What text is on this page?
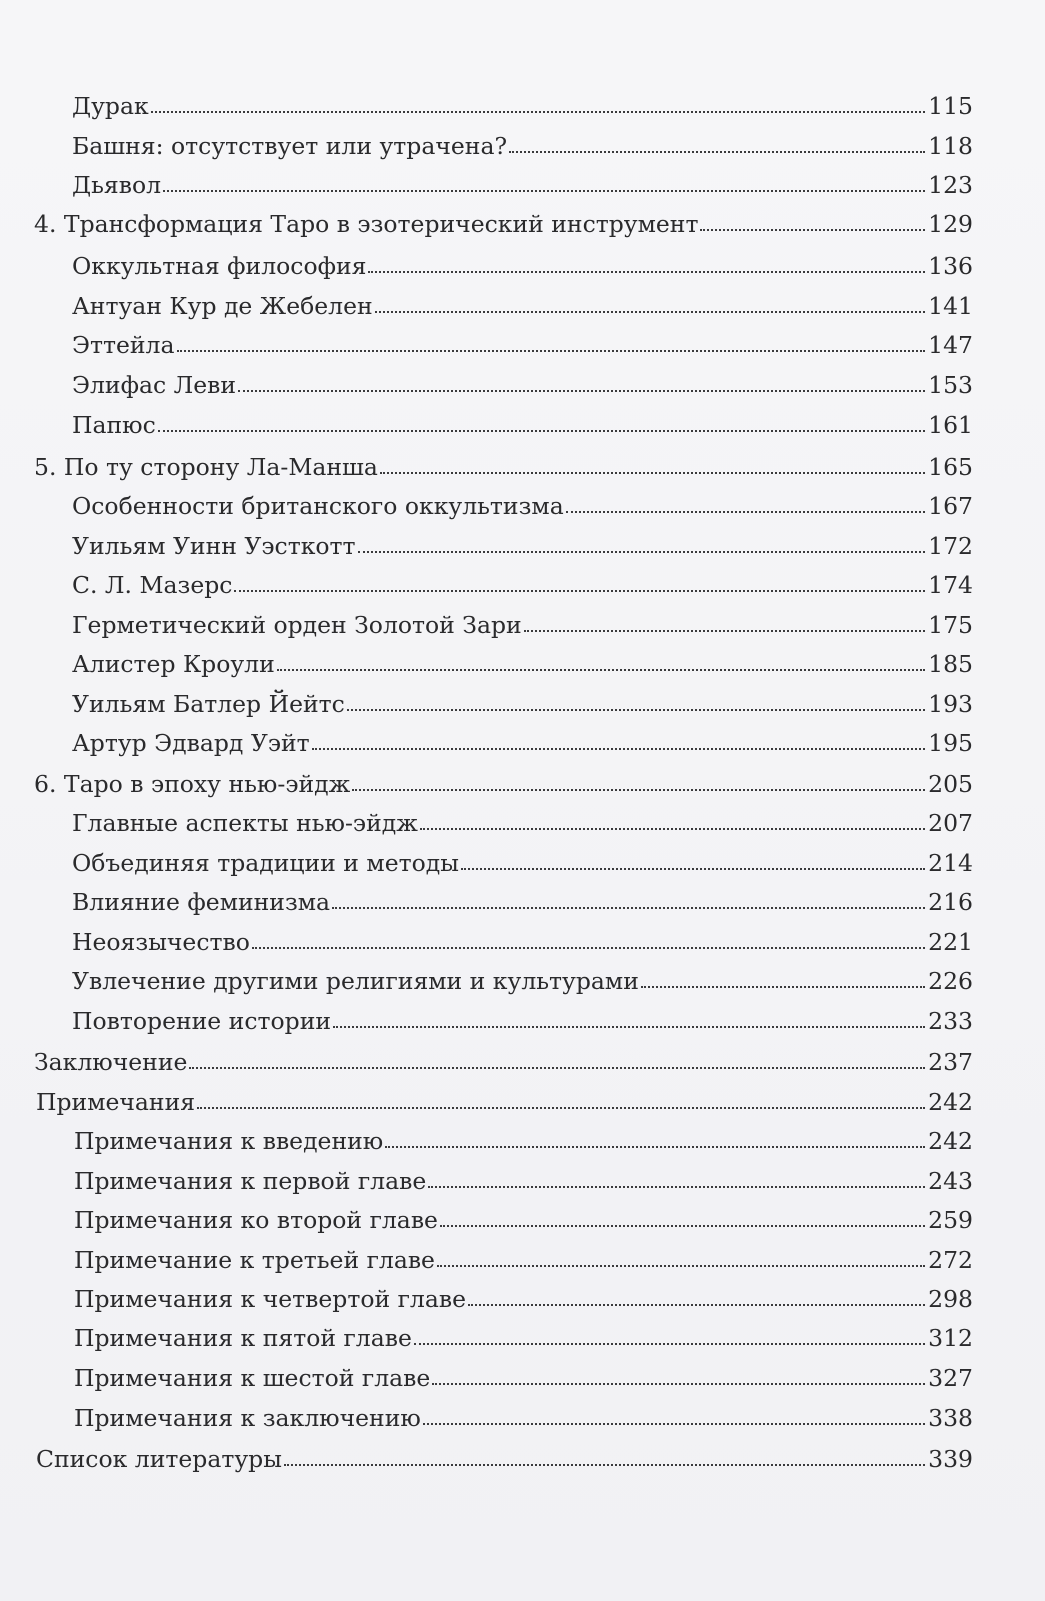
Дурак	115
Башня: отсутствует или утрачена?	118
Дьявол	123
4. Трансформация Таро в эзотерический инструмент	129
Оккультная философия	136
Антуан Кур де Жебелен	141
Эттейла	147
Элифас Леви	153
Папюс	161
5. По ту сторону Ла-Манша	165
Особенности британского оккультизма	167
Уильям Уинн Уэсткотт	172
С. Л. Мазерс	174
Герметический орден Золотой Зари	175
Алистер Кроули	185
Уильям Батлер Йейтс	193
Артур Эдвард Уэйт	195
6. Таро в эпоху нью-эйдж	205
Главные аспекты нью-эйдж	207
Объединяя традиции и методы	214
Влияние феминизма	216
Неоязычество	221
Увлечение другими религиями и культурами	226
Повторение истории	233
Заключение	237
Примечания	242
Примечания к введению	242
Примечания к первой главе	243
Примечания ко второй главе	259
Примечание к третьей главе	272
Примечания к четвертой главе	298
Примечания к пятой главе	312
Примечания к шестой главе	327
Примечания к заключению	338
Список литературы	339
